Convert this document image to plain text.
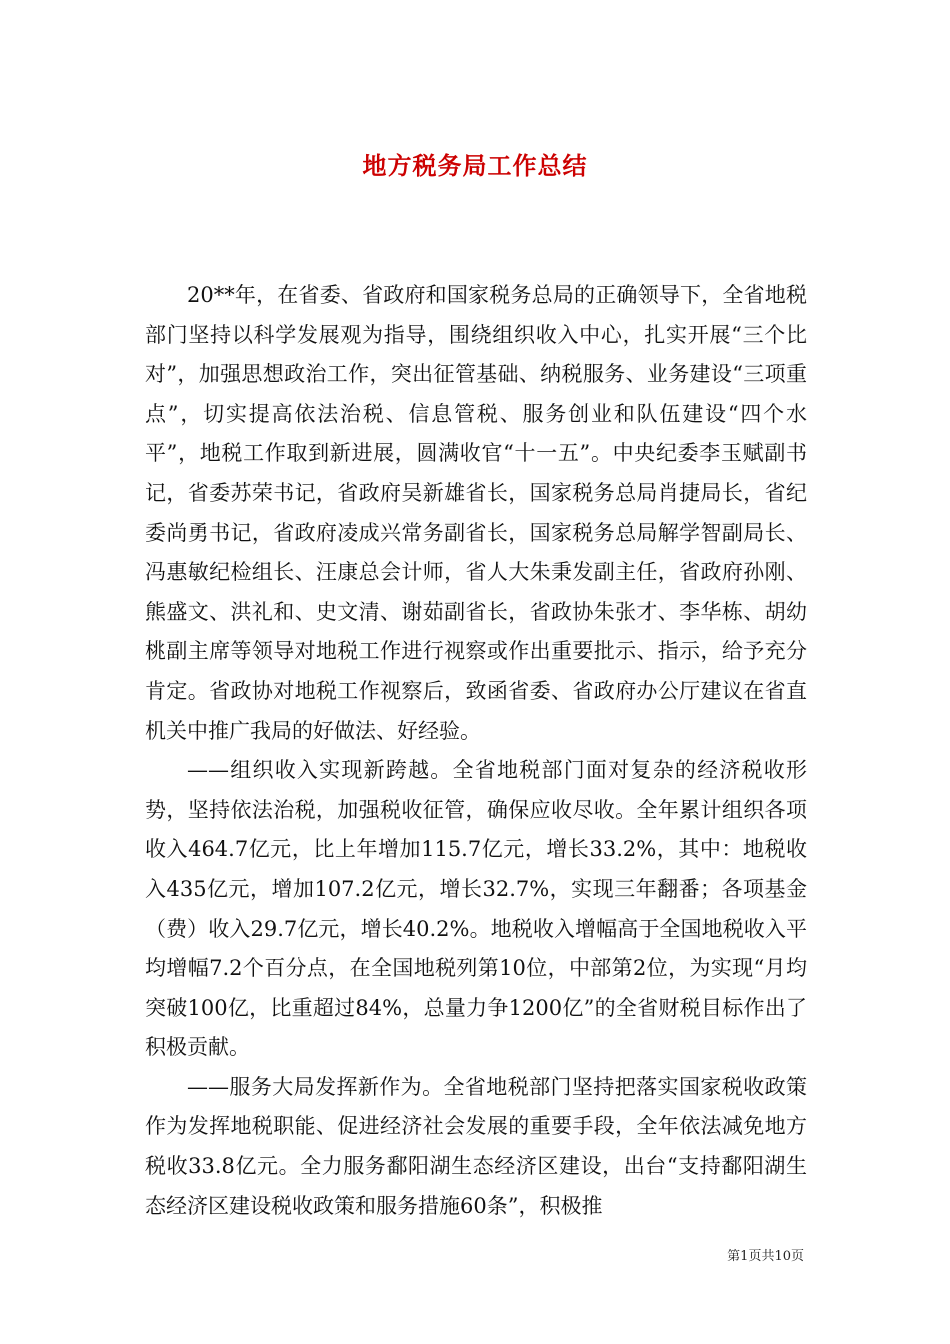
地方税务局工作总结

20**年，在省委、省政府和国家税务总局的正确领导下，全省地税部门坚持以科学发展观为指导，围绕组织收入中心，扎实开展“三个比对”，加强思想政治工作，突出征管基础、纳税服务、业务建设“三项重点”，切实提高依法治税、信息管税、服务创业和队伍建设“四个水平”，地税工作取到新进展，圆满收官“十一五”。中央纪委李玉赋副书记，省委苏荣书记，省政府吴新雄省长，国家税务总局肖捷局长，省纪委尚勇书记，省政府凌成兴常务副省长，国家税务总局解学智副局长、冯惠敏纪检组长、汪康总会计师，省人大朱秉发副主任，省政府孙刚、熊盛文、洪礼和、史文清、谢茹副省长，省政协朱张才、李华栋、胡幼桃副主席等领导对地税工作进行视察或作出重要批示、指示，给予充分肯定。省政协对地税工作视察后，致函省委、省政府办公厅建议在省直机关中推广我局的好做法、好经验。

——组织收入实现新跨越。全省地税部门面对复杂的经济税收形势，坚持依法治税，加强税收征管，确保应收尽收。全年累计组织各项收入464.7亿元，比上年增加115.7亿元，增长33.2%，其中：地税收入435亿元，增加107.2亿元，增长32.7%，实现三年翻番；各项基金（费）收入29.7亿元，增长40.2%。地税收入增幅高于全国地税收入平均增幅7.2个百分点，在全国地税列第10位，中部第2位，为实现“月均突破100亿，比重超过84%，总量力争1200亿”的全省财税目标作出了积极贡献。

——服务大局发挥新作为。全省地税部门坚持把落实国家税收政策作为发挥地税职能、促进经济社会发展的重要手段，全年依法减免地方税收33.8亿元。全力服务鄱阳湖生态经济区建设，出台“支持鄱阳湖生态经济区建设税收政策和服务措施60条”，积极推

第1页共10页
